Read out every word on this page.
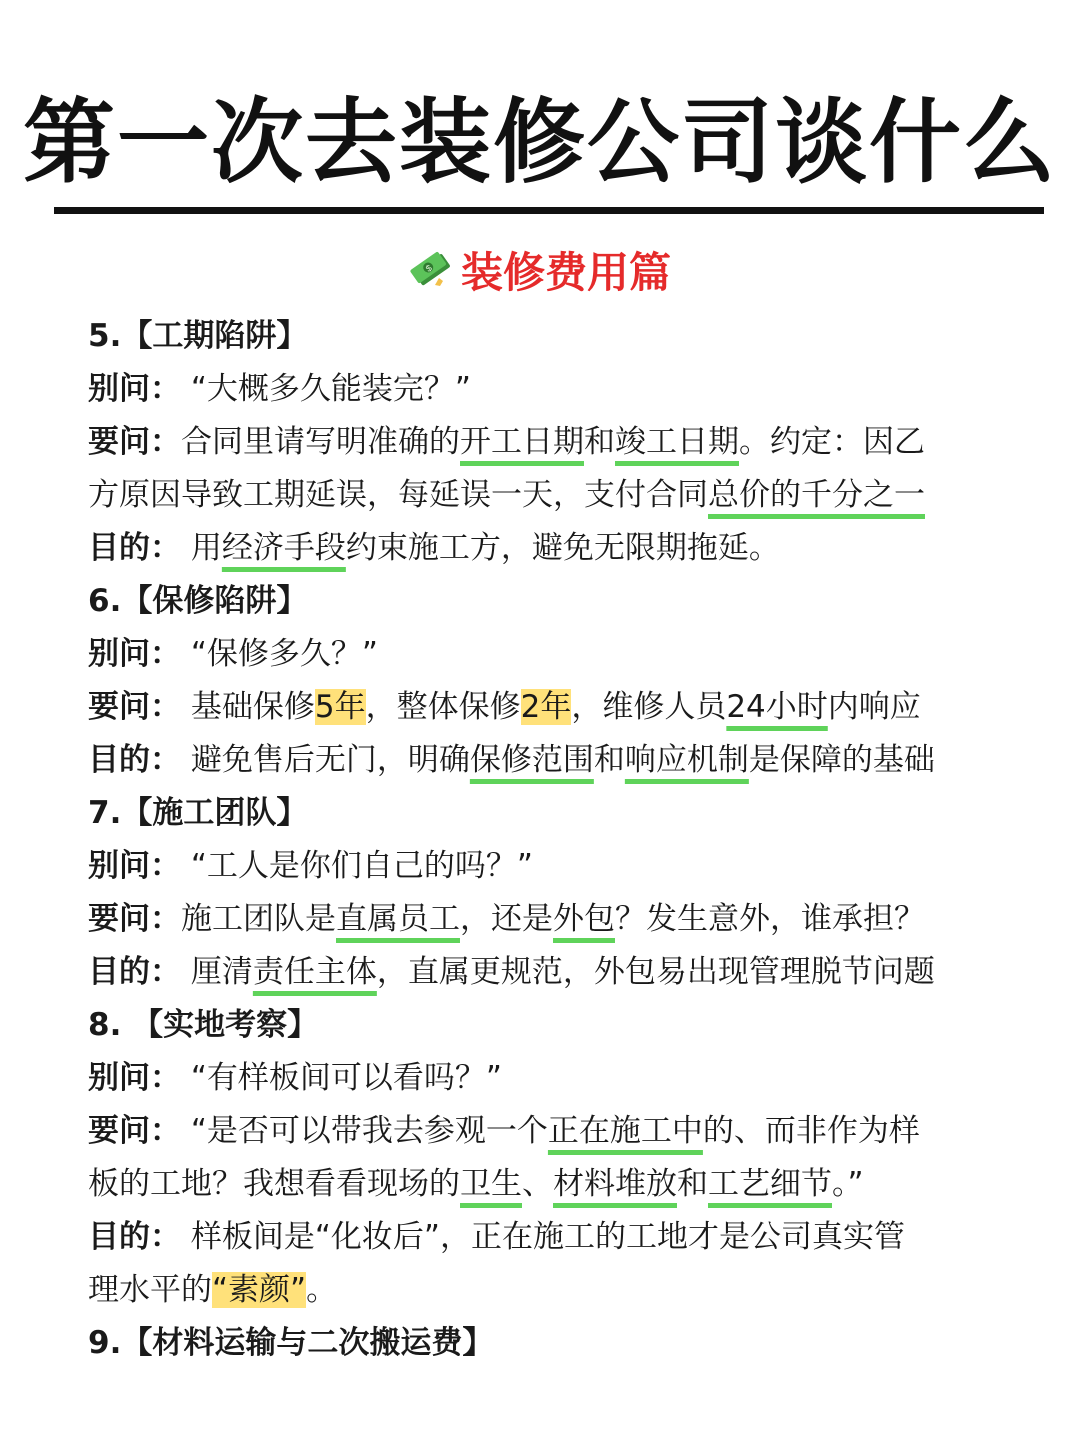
第一次去装修公司谈什么
$ 装修费用篇
5.【工期陷阱】
别问： “大概多久能装完？”
要问：合同里请写明准确的开工日期和竣工日期。约定：因乙
方原因导致工期延误，每延误一天，支付合同总价的千分之一
目的： 用经济手段约束施工方，避免无限期拖延。
6.【保修陷阱】
别问： “保修多久？”
要问： 基础保修5年，整体保修2年，维修人员24小时内响应
目的： 避免售后无门，明确保修范围和响应机制是保障的基础
7.【施工团队】
别问： “工人是你们自己的吗？”
要问：施工团队是直属员工，还是外包？发生意外，谁承担？
目的： 厘清责任主体，直属更规范，外包易出现管理脱节问题
8. 【实地考察】
别问： “有样板间可以看吗？”
要问： “是否可以带我去参观一个正在施工中的、而非作为样
板的工地？我想看看现场的卫生、材料堆放和工艺细节。”
目的： 样板间是“化妆后”，正在施工的工地才是公司真实管
理水平的“素颜”。
9.【材料运输与二次搬运费】
